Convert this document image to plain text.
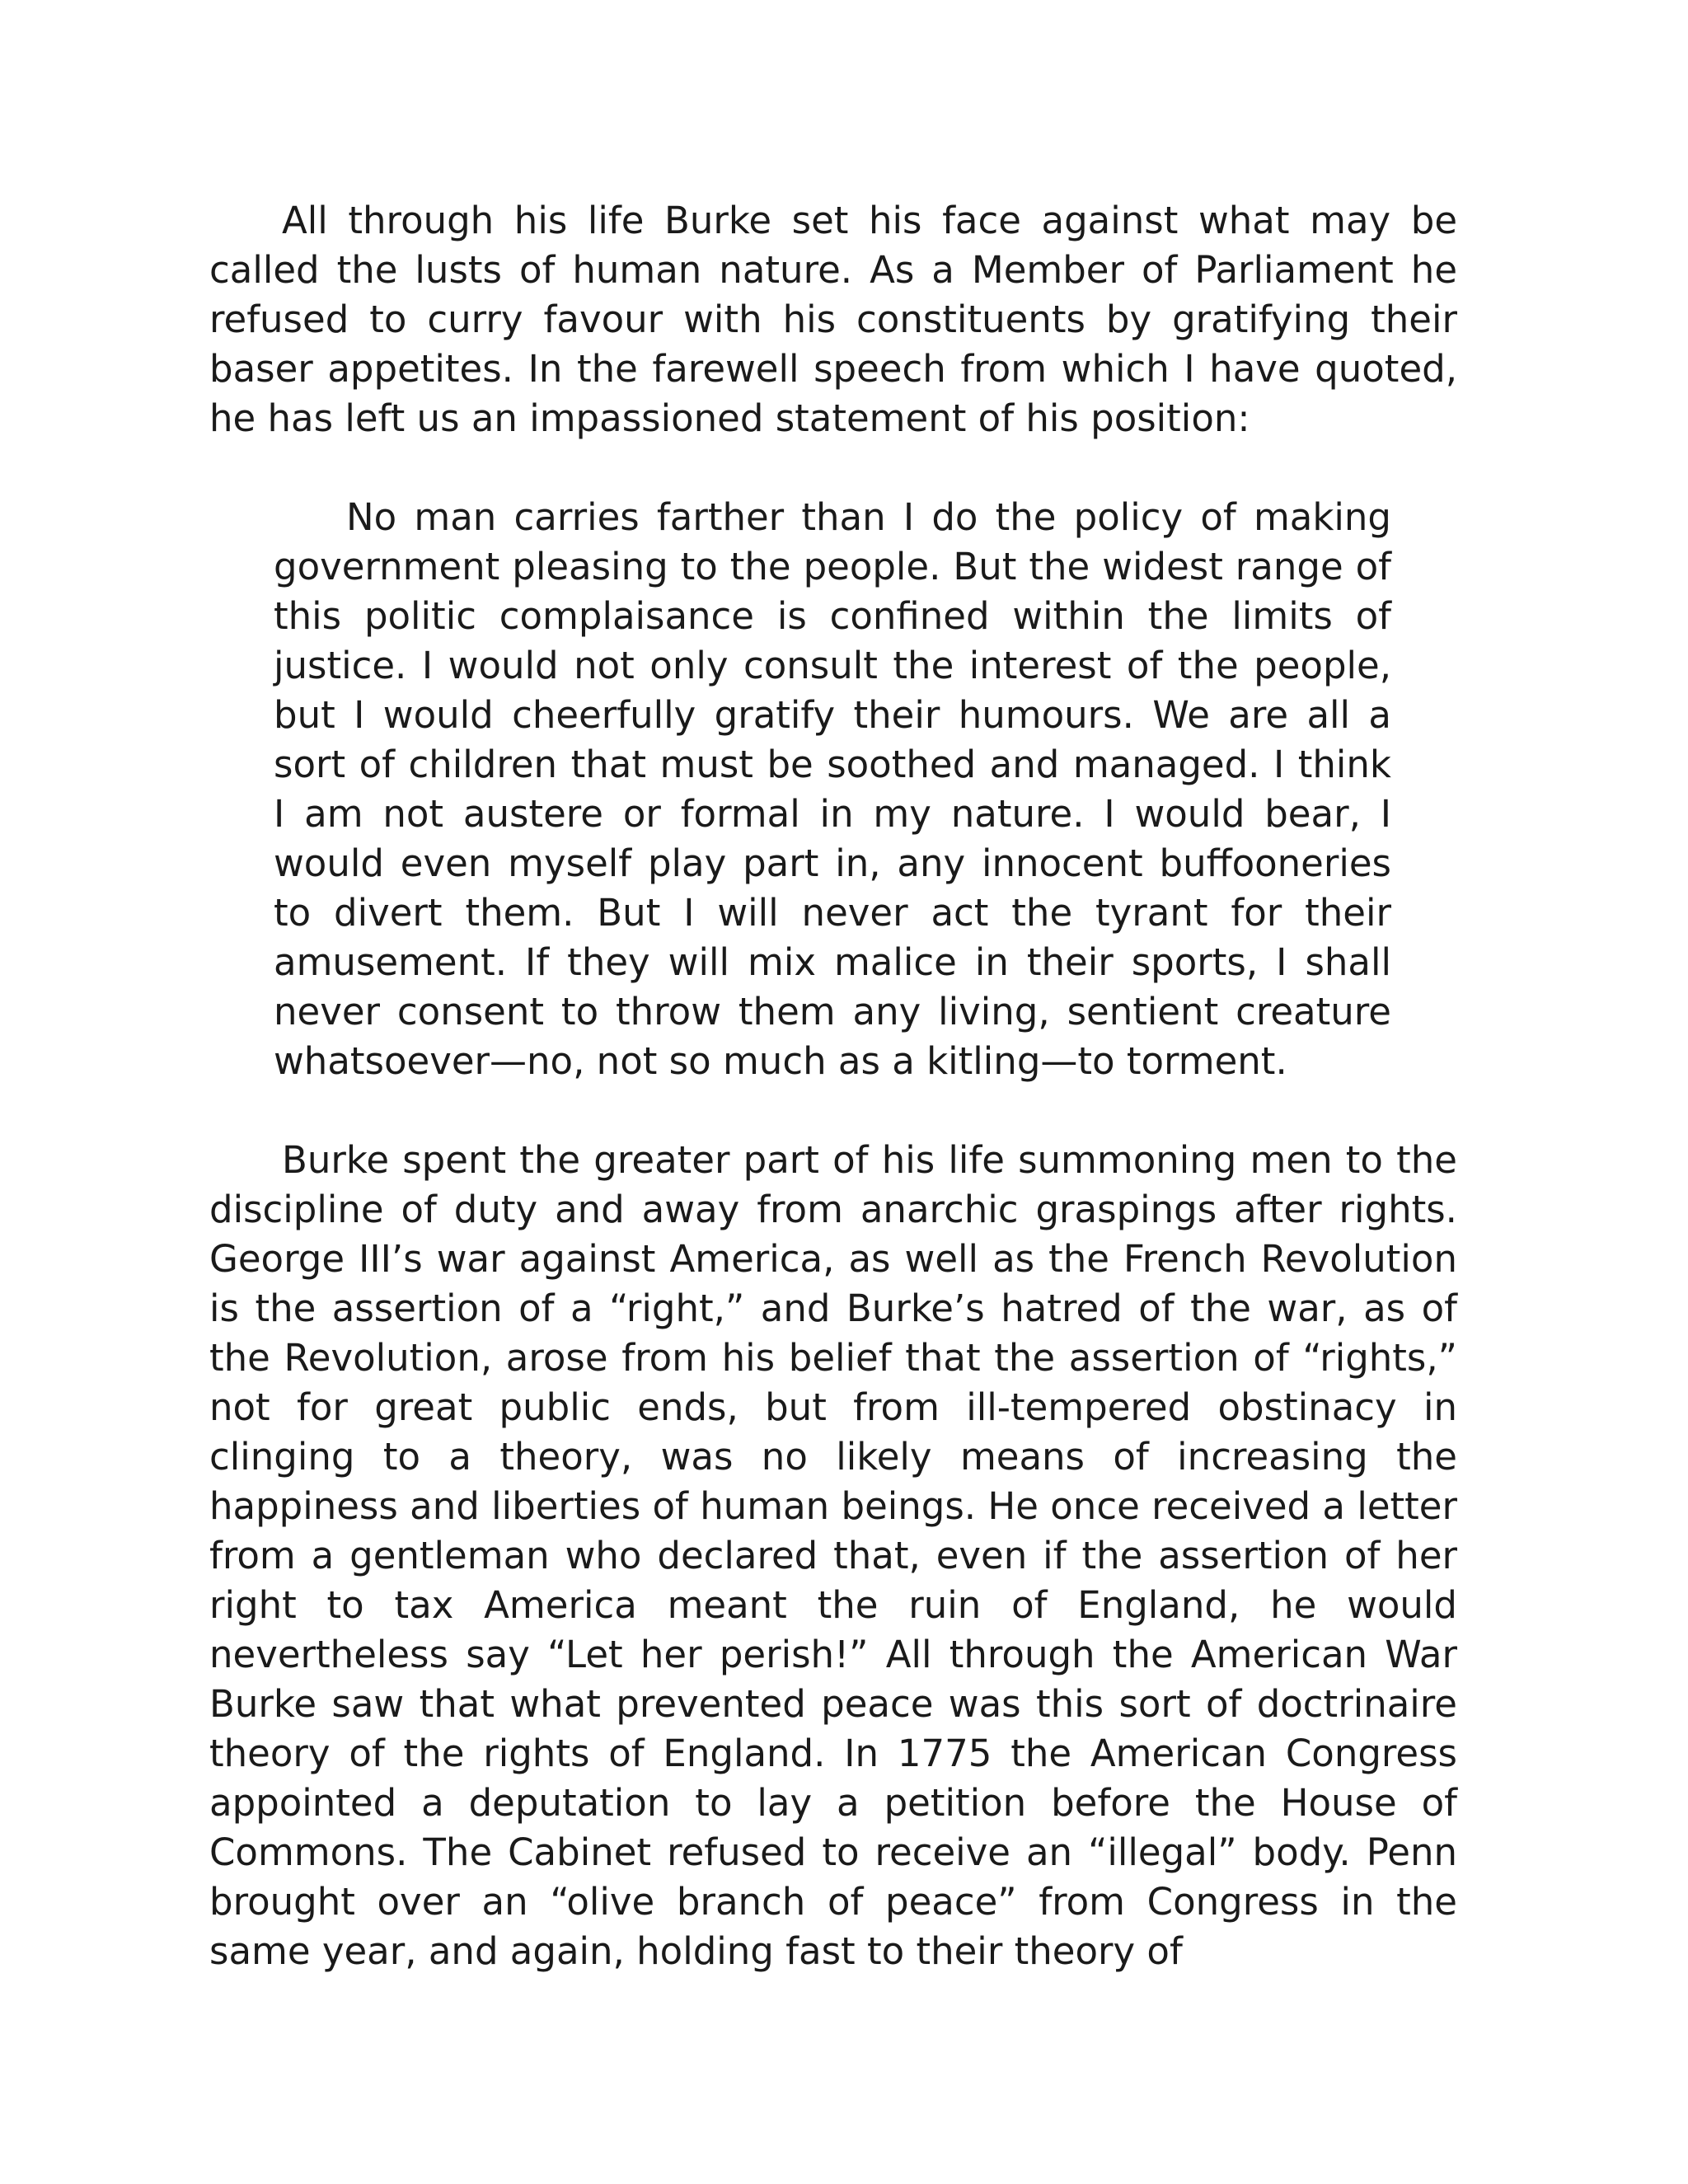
All through his life Burke set his face against what may be called the lusts of human nature. As a Member of Parliament he refused to curry favour with his constituents by gratifying their baser appetites. In the farewell speech from which I have quoted, he has left us an impassioned statement of his position:

No man carries farther than I do the policy of making government pleasing to the people. But the widest range of this politic complaisance is confined within the limits of justice. I would not only consult the interest of the people, but I would cheerfully gratify their humours. We are all a sort of children that must be soothed and managed. I think I am not austere or formal in my nature. I would bear, I would even myself play part in, any innocent buffooneries to divert them. But I will never act the tyrant for their amusement. If they will mix malice in their sports, I shall never consent to throw them any living, sentient creature whatsoever—no, not so much as a kitling—to torment.

Burke spent the greater part of his life summoning men to the discipline of duty and away from anarchic graspings after rights. George III’s war against America, as well as the French Revolution is the assertion of a “right,” and Burke’s hatred of the war, as of the Revolution, arose from his belief that the assertion of “rights,” not for great public ends, but from ill-tempered obstinacy in clinging to a theory, was no likely means of increasing the happiness and liberties of human beings. He once received a letter from a gentleman who declared that, even if the assertion of her right to tax America meant the ruin of England, he would nevertheless say “Let her perish!” All through the American War Burke saw that what prevented peace was this sort of doctrinaire theory of the rights of England. In 1775 the American Congress appointed a deputation to lay a petition before the House of Commons. The Cabinet refused to receive an “illegal” body. Penn brought over an “olive branch of peace” from Congress in the same year, and again, holding fast to their theory of
